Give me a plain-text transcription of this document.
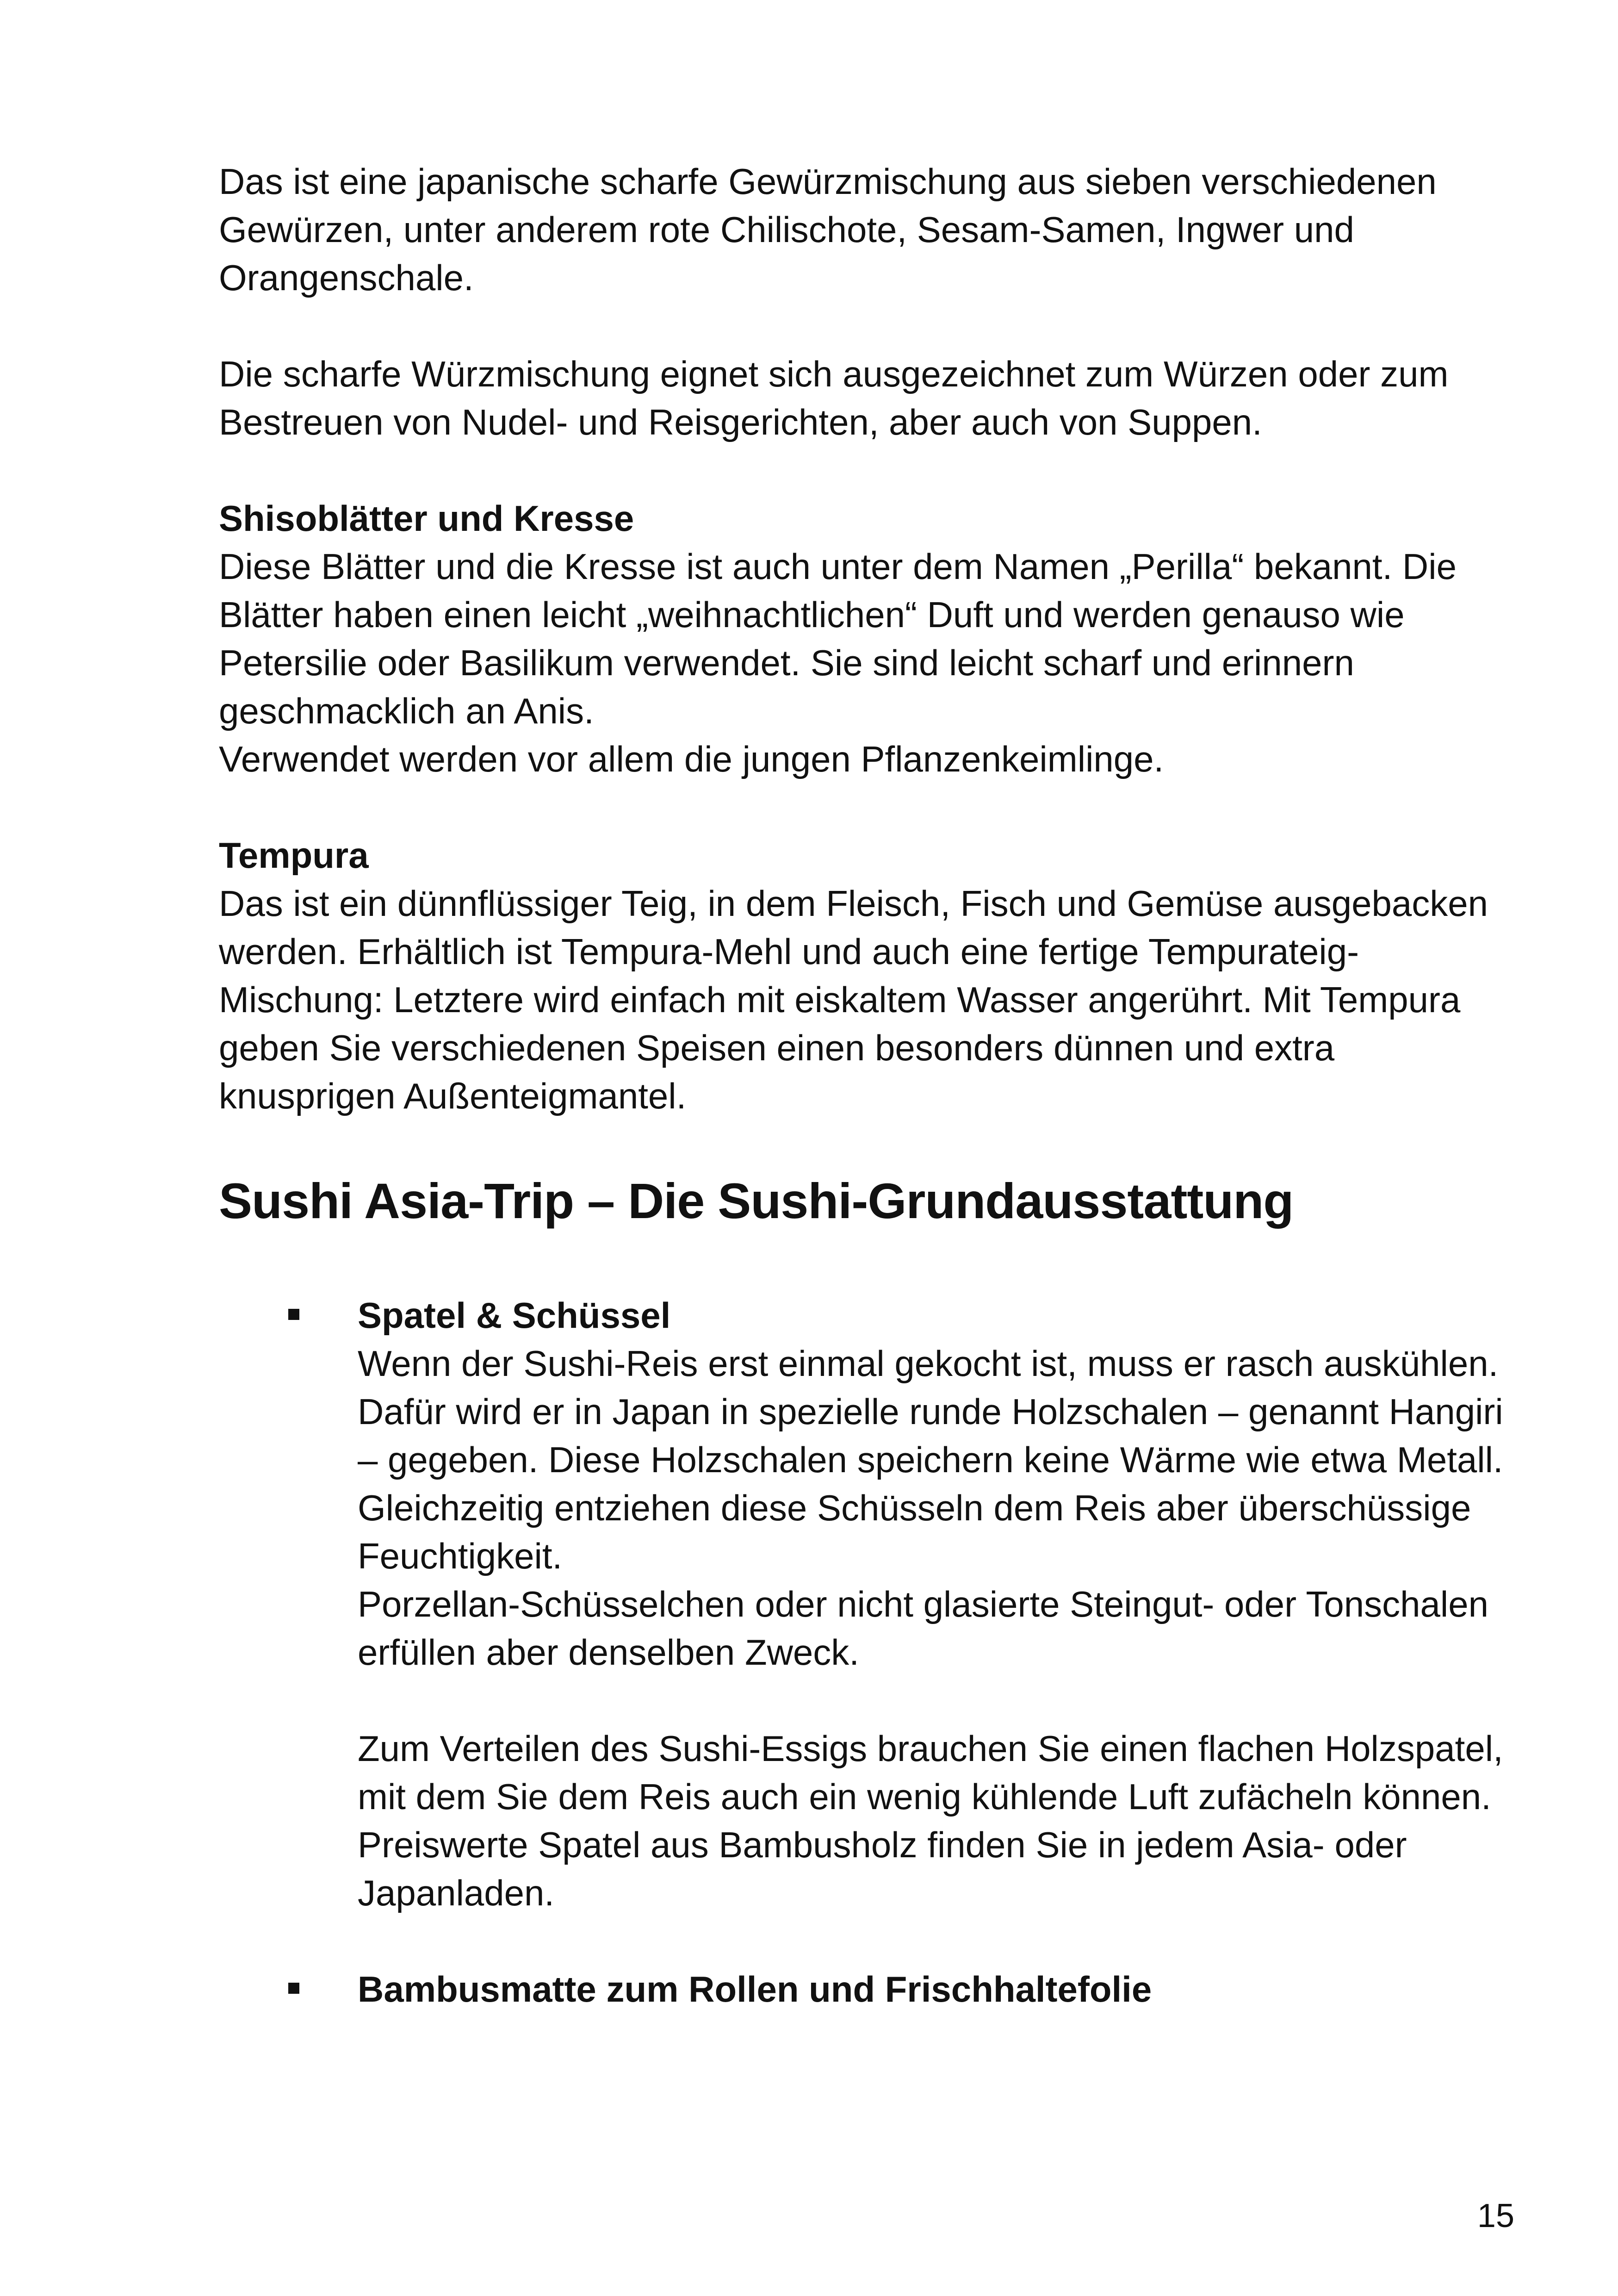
Das ist eine japanische scharfe Gewürzmischung aus sieben verschiedenen Gewürzen, unter anderem rote Chilischote, Sesam-Samen, Ingwer und Orangenschale.

Die scharfe Würzmischung eignet sich ausgezeichnet zum Würzen oder zum Bestreuen von Nudel- und Reisgerichten, aber auch von Suppen.

Shisoblätter und Kresse

Diese Blätter und die Kresse ist auch unter dem Namen „Perilla“ bekannt. Die Blätter haben einen leicht „weihnachtlichen“ Duft und werden genauso wie Petersilie oder Basilikum verwendet. Sie sind leicht scharf und erinnern geschmacklich an Anis.

Verwendet werden vor allem die jungen Pflanzenkeimlinge.

Tempura

Das ist ein dünnflüssiger Teig, in dem Fleisch, Fisch und Gemüse ausgebacken werden. Erhältlich ist Tempura-Mehl und auch eine fertige Tempurateig-Mischung: Letztere wird einfach mit eiskaltem Wasser angerührt. Mit Tempura geben Sie verschiedenen Speisen einen besonders dünnen und extra knusprigen Außenteigmantel.

Sushi Asia-Trip – Die Sushi-Grundausstattung
Spatel & Schüssel

Wenn der Sushi-Reis erst einmal gekocht ist, muss er rasch auskühlen. Dafür wird er in Japan in spezielle runde Holzschalen – genannt Hangiri – gegeben. Diese Holzschalen speichern keine Wärme wie etwa Metall. Gleichzeitig entziehen diese Schüsseln dem Reis aber überschüssige Feuchtigkeit.

Porzellan-Schüsselchen oder nicht glasierte Steingut- oder Tonschalen erfüllen aber denselben Zweck.

Zum Verteilen des Sushi-Essigs brauchen Sie einen flachen Holzspatel, mit dem Sie dem Reis auch ein wenig kühlende Luft zufächeln können. Preiswerte Spatel aus Bambusholz finden Sie in jedem Asia- oder Japanladen.

Bambusmatte zum Rollen und Frischhaltefolie
15
